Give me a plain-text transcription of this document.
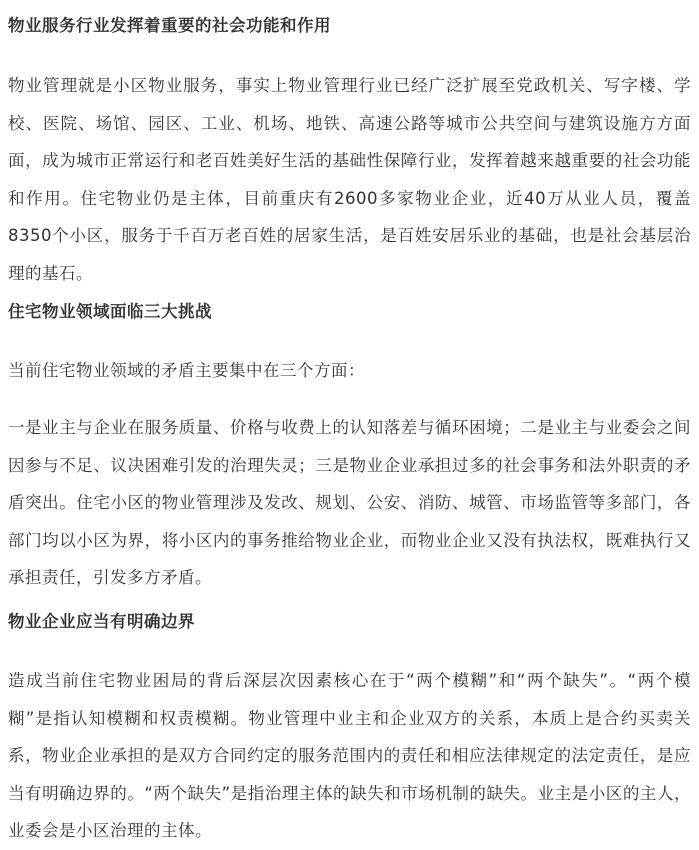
物业服务行业发挥着重要的社会功能和作用

物业管理就是小区物业服务，事实上物业管理行业已经广泛扩展至党政机关、写字楼、学校、医院、场馆、园区、工业、机场、地铁、高速公路等城市公共空间与建筑设施方方面面，成为城市正常运行和老百姓美好生活的基础性保障行业，发挥着越来越重要的社会功能和作用。住宅物业仍是主体，目前重庆有2600多家物业企业，近40万从业人员，覆盖8350个小区，服务于千百万老百姓的居家生活，是百姓安居乐业的基础，也是社会基层治理的基石。

住宅物业领域面临三大挑战

当前住宅物业领域的矛盾主要集中在三个方面：

一是业主与企业在服务质量、价格与收费上的认知落差与循环困境；二是业主与业委会之间因参与不足、议决困难引发的治理失灵；三是物业企业承担过多的社会事务和法外职责的矛盾突出。住宅小区的物业管理涉及发改、规划、公安、消防、城管、市场监管等多部门，各部门均以小区为界，将小区内的事务推给物业企业，而物业企业又没有执法权，既难执行又承担责任，引发多方矛盾。

物业企业应当有明确边界

造成当前住宅物业困局的背后深层次因素核心在于“两个模糊”和“两个缺失”。“两个模糊”是指认知模糊和权责模糊。物业管理中业主和企业双方的关系，本质上是合约买卖关系，物业企业承担的是双方合同约定的服务范围内的责任和相应法律规定的法定责任，是应当有明确边界的。“两个缺失”是指治理主体的缺失和市场机制的缺失。业主是小区的主人，业委会是小区治理的主体。
